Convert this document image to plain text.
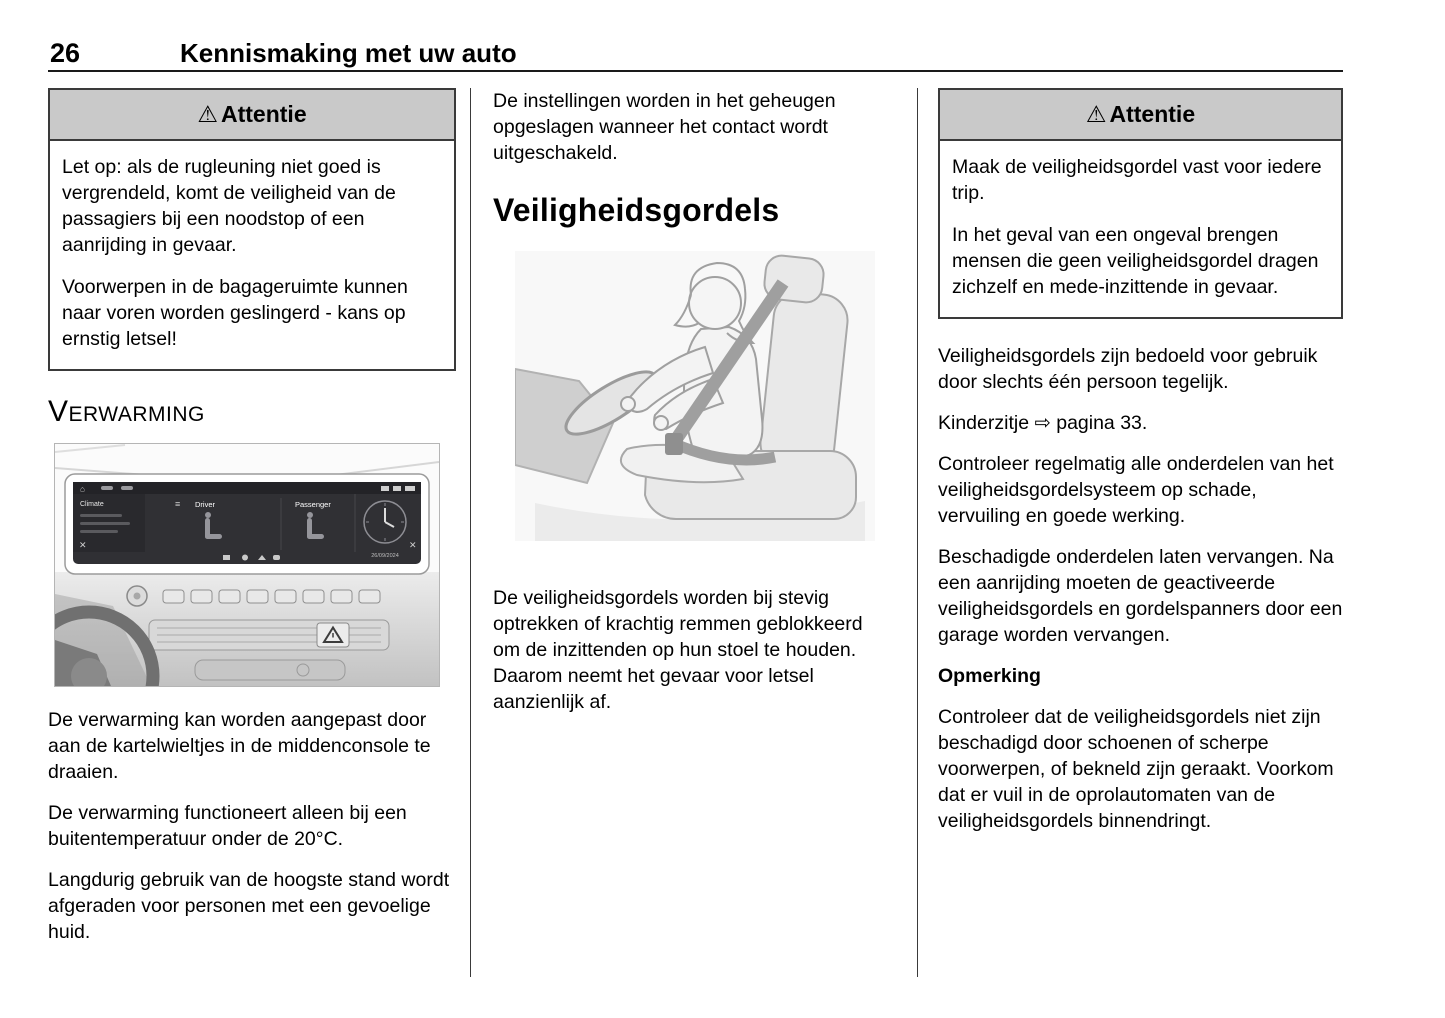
26	Kennismaking met uw auto
⚠ Attentie

Let op: als de rugleuning niet goed is vergrendeld, komt de veiligheid van de passagiers bij een noodstop of een aanrijding in gevaar.

Voorwerpen in de bagageruimte kunnen naar voren worden geslingerd - kans op ernstig letsel!

Verwarming
⌂
Climate
✕
≡ Driver	Passenger
26/09/2024
✕

De verwarming kan worden aangepast door aan de kartelwieltjes in de middenconsole te draaien.

De verwarming functioneert alleen bij een buitentemperatuur onder de 20°C.

Langdurig gebruik van de hoogste stand wordt afgeraden voor personen met een gevoelige huid.

De instellingen worden in het geheugen opgeslagen wanneer het contact wordt uitgeschakeld.

Veiligheidsgordels

De veiligheidsgordels worden bij stevig optrekken of krachtig remmen geblokkeerd om de inzittenden op hun stoel te houden. Daarom neemt het gevaar voor letsel aanzienlijk af.

⚠ Attentie

Maak de veiligheidsgordel vast voor iedere trip.

In het geval van een ongeval brengen mensen die geen veiligheidsgordel dragen zichzelf en mede-inzittende in gevaar.

Veiligheidsgordels zijn bedoeld voor gebruik door slechts één persoon tegelijk.

Kinderzitje ⇨ pagina 33.

Controleer regelmatig alle onderdelen van het veiligheidsgordelsysteem op schade, vervuiling en goede werking.

Beschadigde onderdelen laten vervangen. Na een aanrijding moeten de geactiveerde veiligheidsgordels en gordelspanners door een garage worden vervangen.

Opmerking

Controleer dat de veiligheidsgordels niet zijn beschadigd door schoenen of scherpe voorwerpen, of bekneld zijn geraakt. Voorkom dat er vuil in de oprolautomaten van de veiligheidsgordels binnendringt.
